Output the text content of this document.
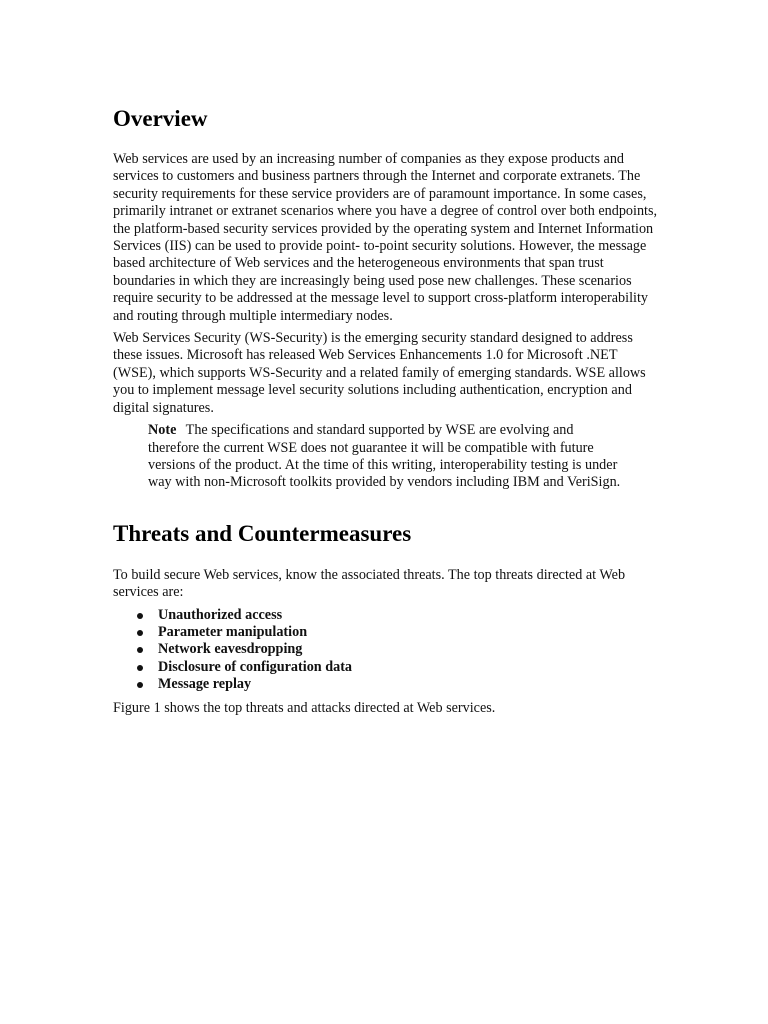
Overview

Web services are used by an increasing number of companies as they expose products and services to customers and business partners through the Internet and corporate extranets. The security requirements for these service providers are of paramount importance. In some cases, primarily intranet or extranet scenarios where you have a degree of control over both endpoints, the platform-based security services provided by the operating system and Internet Information Services (IIS) can be used to provide point- to-point security solutions. However, the message based architecture of Web services and the heterogeneous environments that span trust boundaries in which they are increasingly being used pose new challenges. These scenarios require security to be addressed at the message level to support cross-platform interoperability and routing through multiple intermediary nodes.

Web Services Security (WS-Security) is the emerging security standard designed to address these issues. Microsoft has released Web Services Enhancements 1.0 for Microsoft .NET (WSE), which supports WS-Security and a related family of emerging standards. WSE allows you to implement message level security solutions including authentication, encryption and digital signatures.

Note The specifications and standard supported by WSE are evolving and therefore the current WSE does not guarantee it will be compatible with future versions of the product. At the time of this writing, interoperability testing is under way with non-Microsoft toolkits provided by vendors including IBM and VeriSign.
Threats and Countermeasures

To build secure Web services, know the associated threats. The top threats directed at Web services are:

Unauthorized access
Parameter manipulation
Network eavesdropping
Disclosure of configuration data
Message replay

Figure 1 shows the top threats and attacks directed at Web services.
